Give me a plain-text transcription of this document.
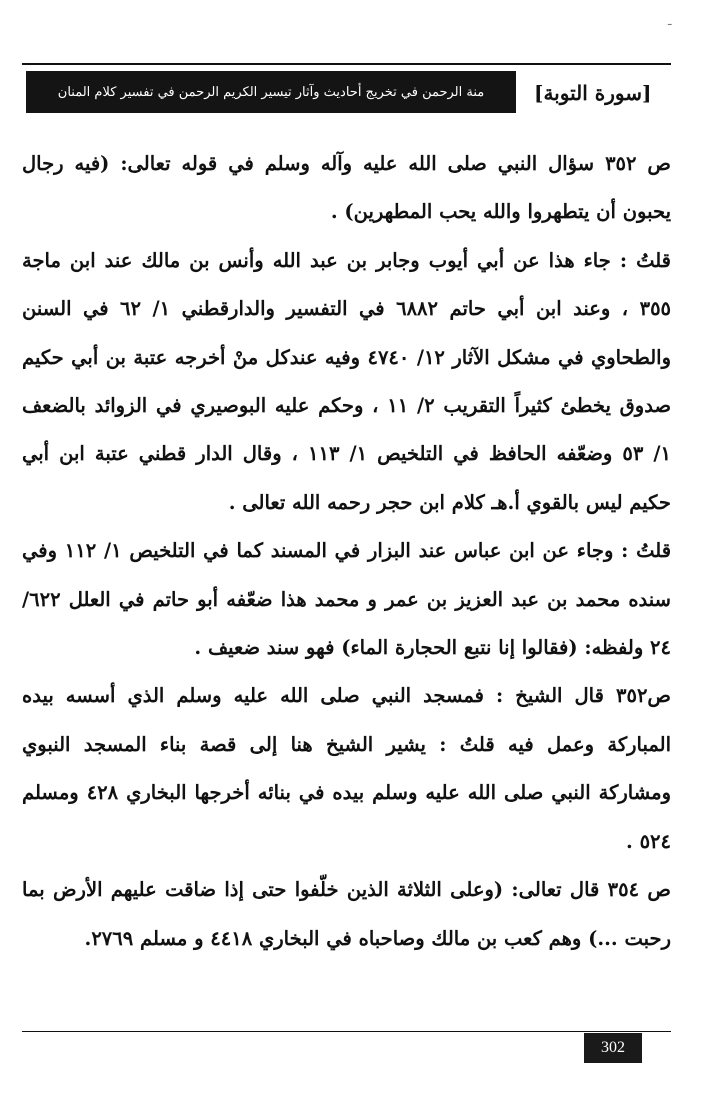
ـ
منة الرحمن في تخريج أحاديث وآثار تيسير الكريم الرحمن في تفسير كلام المنان [سورة التوبة]

ص ٣٥٢ سؤال النبي صلى الله عليه وآله وسلم في قوله تعالى: (فيه رجال يحبون أن يتطهروا والله يحب المطهرين) .

قلتُ : جاء هذا عن أبي أيوب وجابر بن عبد الله وأنس بن مالك عند ابن ماجة ٣٥٥ ، وعند ابن أبي حاتم ٦٨٨٢ في التفسير والدارقطني ١/ ٦٢ في السنن والطحاوي في مشكل الآثار ١٢/ ٤٧٤٠ وفيه عندكل منْ أخرجه عتبة بن أبي حكيم صدوق يخطئ كثيراً التقريب ٢/ ١١ ، وحكم عليه البوصيري في الزوائد بالضعف ١/ ٥٣ وضعّفه الحافظ في التلخيص ١/ ١١٣ ، وقال الدار قطني عتبة ابن أبي حكيم ليس بالقوي أ.هـ كلام ابن حجر رحمه الله تعالى .

قلتُ : وجاء عن ابن عباس عند البزار في المسند كما في التلخيص ١/ ١١٢ وفي سنده محمد بن عبد العزيز بن عمر و محمد هذا ضعّفه أبو حاتم في العلل ٦٢٢/ ٢٤ ولفظه: (فقالوا إنا نتبع الحجارة الماء) فهو سند ضعيف .

ص٣٥٢ قال الشيخ : فمسجد النبي صلى الله عليه وسلم الذي أسسه بيده المباركة وعمل فيه قلتُ : يشير الشيخ هنا إلى قصة بناء المسجد النبوي ومشاركة النبي صلى الله عليه وسلم بيده في بنائه أخرجها البخاري ٤٢٨ ومسلم ٥٢٤ .

ص ٣٥٤ قال تعالى: (وعلى الثلاثة الذين خلّفوا حتى إذا ضاقت عليهم الأرض بما رحبت ...) وهم كعب بن مالك وصاحباه في البخاري ٤٤١٨ و مسلم ٢٧٦٩.

302
